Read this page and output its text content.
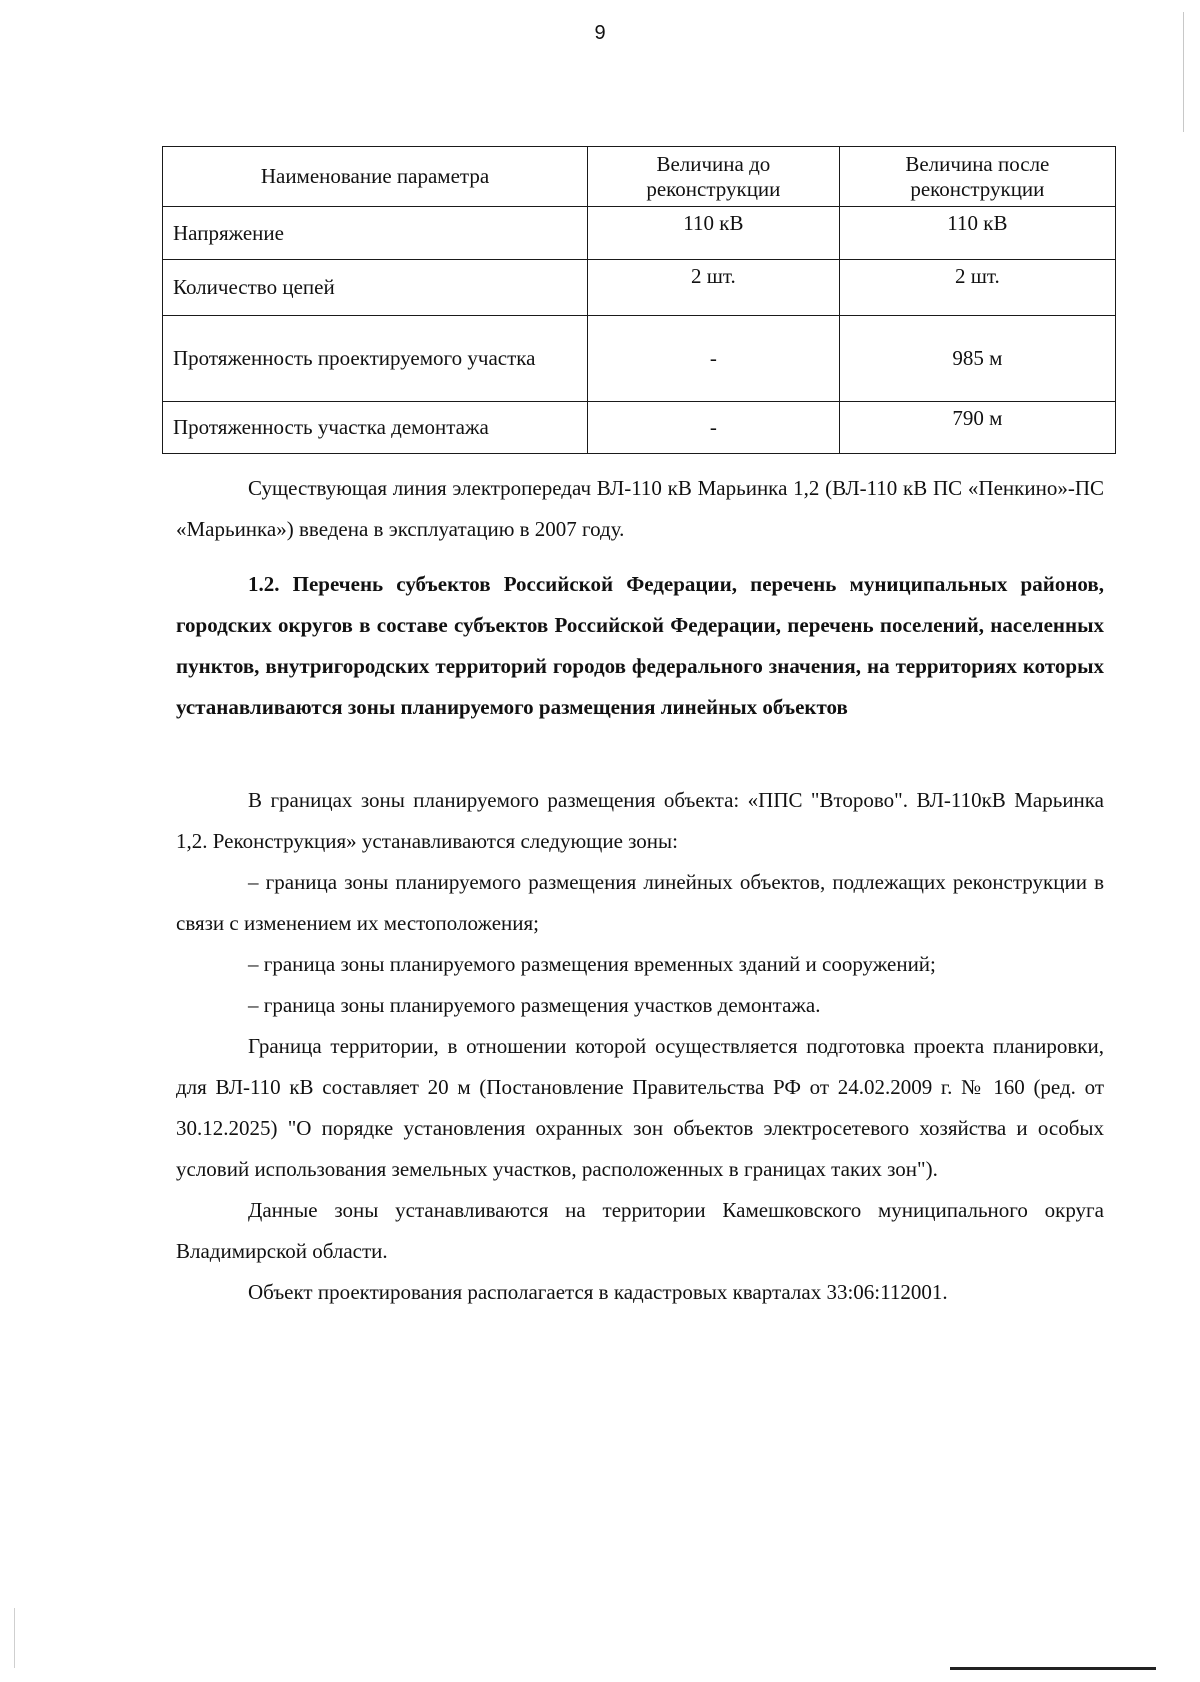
9
Наименование параметра	Величина до реконструкции	Величина после реконструкции
Напряжение	110 кВ	110 кВ
Количество цепей	2 шт.	2 шт.
Протяженность проектируемого участка	-	985 м
Протяженность участка демонтажа	-	790 м

Существующая линия электропередач ВЛ-110 кВ Марьинка 1,2 (ВЛ-110 кВ ПС «Пенкино»-ПС «Марьинка») введена в эксплуатацию в 2007 году.

1.2. Перечень субъектов Российской Федерации, перечень муниципальных районов, городских округов в составе субъектов Российской Федерации, перечень поселений, населенных пунктов, внутригородских территорий городов федерального значения, на территориях которых устанавливаются зоны планируемого размещения линейных объектов

В границах зоны планируемого размещения объекта: «ППС "Второво". ВЛ-110кВ Марьинка 1,2. Реконструкция» устанавливаются следующие зоны:

– граница зоны планируемого размещения линейных объектов, подлежащих реконструкции в связи с изменением их местоположения;

– граница зоны планируемого размещения временных зданий и сооружений;

– граница зоны планируемого размещения участков демонтажа.

Граница территории, в отношении которой осуществляется подготовка проекта планировки, для ВЛ-110 кВ составляет 20 м (Постановление Правительства РФ от 24.02.2009 г. № 160 (ред. от 30.12.2025) "О порядке установления охранных зон объектов электросетевого хозяйства и особых условий использования земельных участков, расположенных в границах таких зон").

Данные зоны устанавливаются на территории Камешковского муниципального округа Владимирской области.

Объект проектирования располагается в кадастровых кварталах 33:06:112001.
